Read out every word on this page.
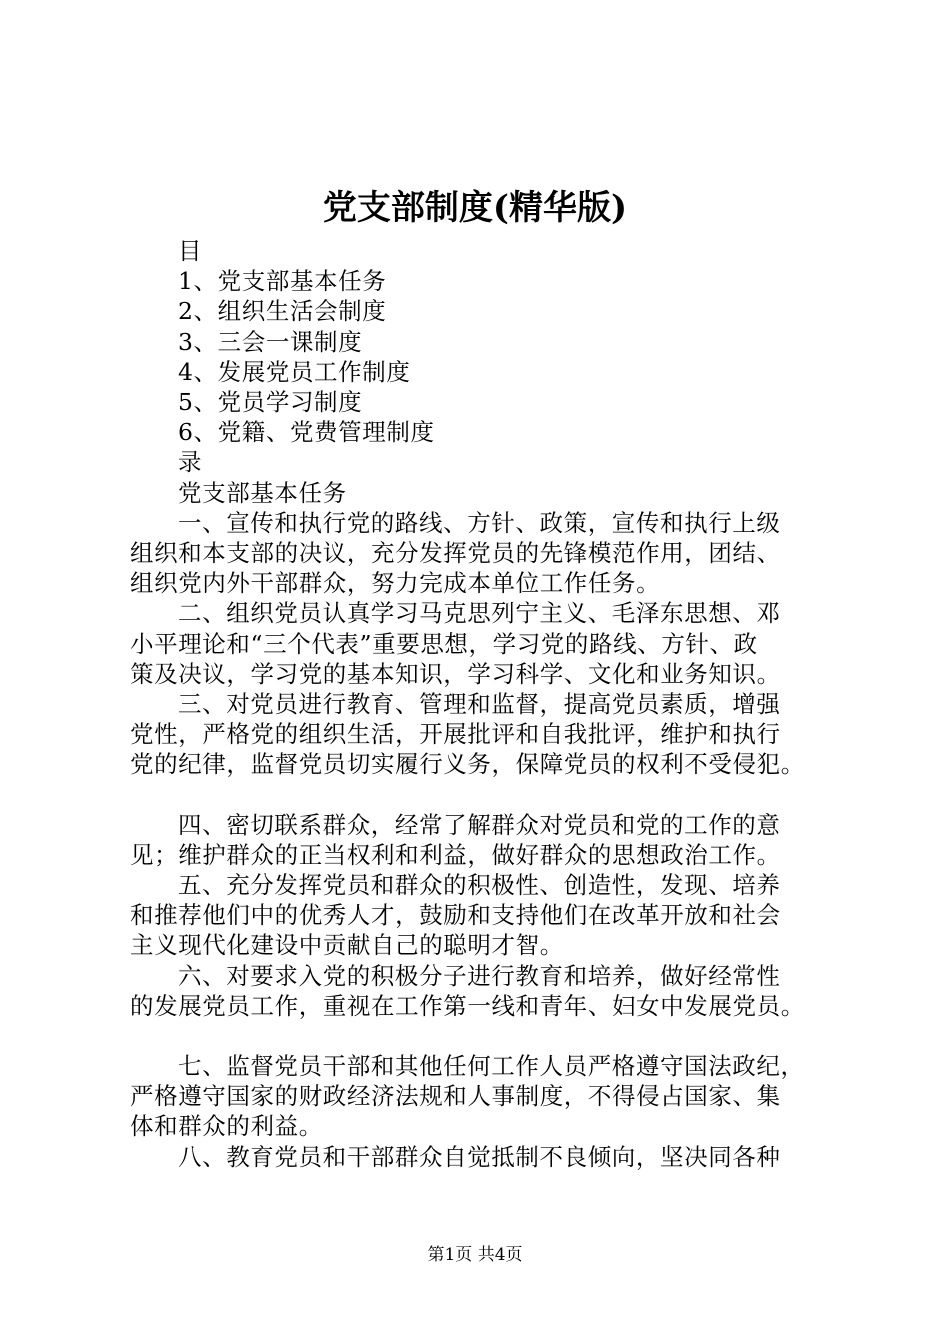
党支部制度(精华版)
目
1、党支部基本任务
2、组织生活会制度
3、三会一课制度
4、发展党员工作制度
5、党员学习制度
6、党籍、党费管理制度
录
党支部基本任务
一、宣传和执行党的路线、方针、政策，宣传和执行上级
组织和本支部的决议，充分发挥党员的先锋模范作用，团结、
组织党内外干部群众，努力完成本单位工作任务。
二、组织党员认真学习马克思列宁主义、毛泽东思想、邓
小平理论和“三个代表”重要思想，学习党的路线、方针、政
策及决议，学习党的基本知识，学习科学、文化和业务知识。
三、对党员进行教育、管理和监督，提高党员素质，增强
党性，严格党的组织生活，开展批评和自我批评，维护和执行
党的纪律，监督党员切实履行义务，保障党员的权利不受侵犯。
四、密切联系群众，经常了解群众对党员和党的工作的意
见；维护群众的正当权利和利益，做好群众的思想政治工作。
五、充分发挥党员和群众的积极性、创造性，发现、培养
和推荐他们中的优秀人才，鼓励和支持他们在改革开放和社会
主义现代化建设中贡献自己的聪明才智。
六、对要求入党的积极分子进行教育和培养，做好经常性
的发展党员工作，重视在工作第一线和青年、妇女中发展党员。
七、监督党员干部和其他任何工作人员严格遵守国法政纪，
严格遵守国家的财政经济法规和人事制度，不得侵占国家、集
体和群众的利益。
八、教育党员和干部群众自觉抵制不良倾向，坚决同各种
第1页 共4页
